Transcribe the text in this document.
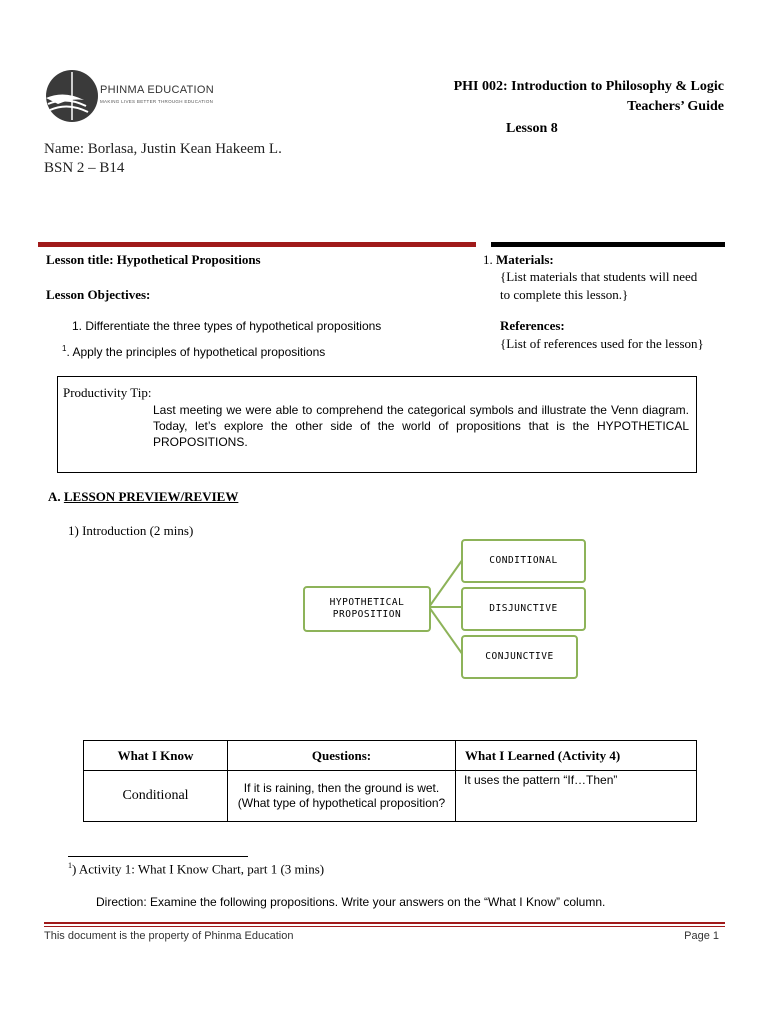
PHINMA EDUCATION
MAKING LIVES BETTER THROUGH EDUCATION
PHI 002: Introduction to Philosophy & Logic
Teachers’ Guide
Lesson 8
Name: Borlasa, Justin Kean Hakeem L.
BSN 2 – B14
Lesson title: Hypothetical Propositions
Lesson Objectives:
1. Differentiate the three types of hypothetical propositions
$^1$. Apply the principles of hypothetical propositions
1. Materials:
{List materials that students will need
to complete this lesson.}
References:
{List of references used for the lesson}
Productivity Tip:
Last meeting we were able to comprehend the categorical symbols and illustrate the Venn diagram. Today, let’s explore the other side of the world of propositions that is the HYPOTHETICAL PROPOSITIONS.
A. LESSON PREVIEW/REVIEW
1) Introduction (2 mins)
HYPOTHETICAL PROPOSITION
CONDITIONAL
DISJUNCTIVE
CONJUNCTIVE
What I Know	Questions:	What I Learned (Activity 4)
Conditional	If it is raining, then the ground is wet. (What type of hypothetical proposition?	It uses the pattern “If…Then”
$^1$) Activity 1: What I Know Chart, part 1 (3 mins)
Direction: Examine the following propositions. Write your answers on the “What I Know” column.
This document is the property of Phinma Education	Page 1
